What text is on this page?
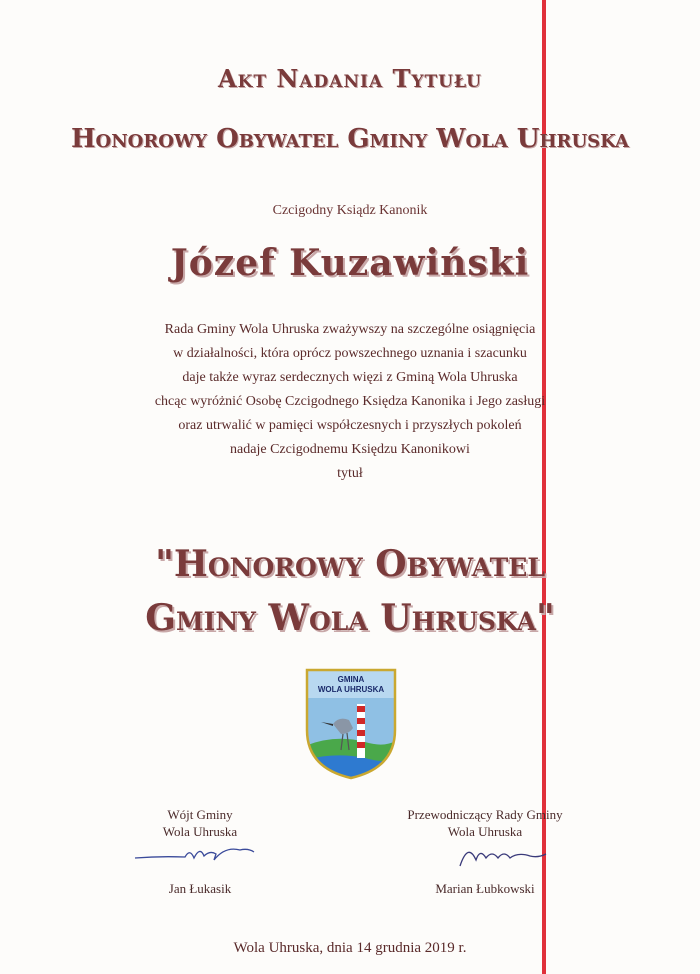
Akt Nadania Tytułu
Honorowy Obywatel Gminy Wola Uhruska
Czcigodny Ksiądz Kanonik
Józef Kuzawiński
Rada Gminy Wola Uhruska zważywszy na szczególne osiągnięcia
w działalności, która oprócz powszechnego uznania i szacunku
daje także wyraz serdecznych więzi z Gminą Wola Uhruska
chcąc wyróżnić Osobę Czcigodnego Księdza Kanonika i Jego zasługi
oraz utrwalić w pamięci współczesnych i przyszłych pokoleń
nadaje Czcigodnemu Księdzu Kanonikowi
tytuł
"Honorowy Obywatel
Gminy Wola Uhruska"
GMINA
WOLA UHRUSKA
Wójt Gminy
Wola Uhruska
Jan Łukasik
Przewodniczący Rady Gminy
Wola Uhruska
Marian Łubkowski
Wola Uhruska, dnia 14 grudnia 2019 r.
